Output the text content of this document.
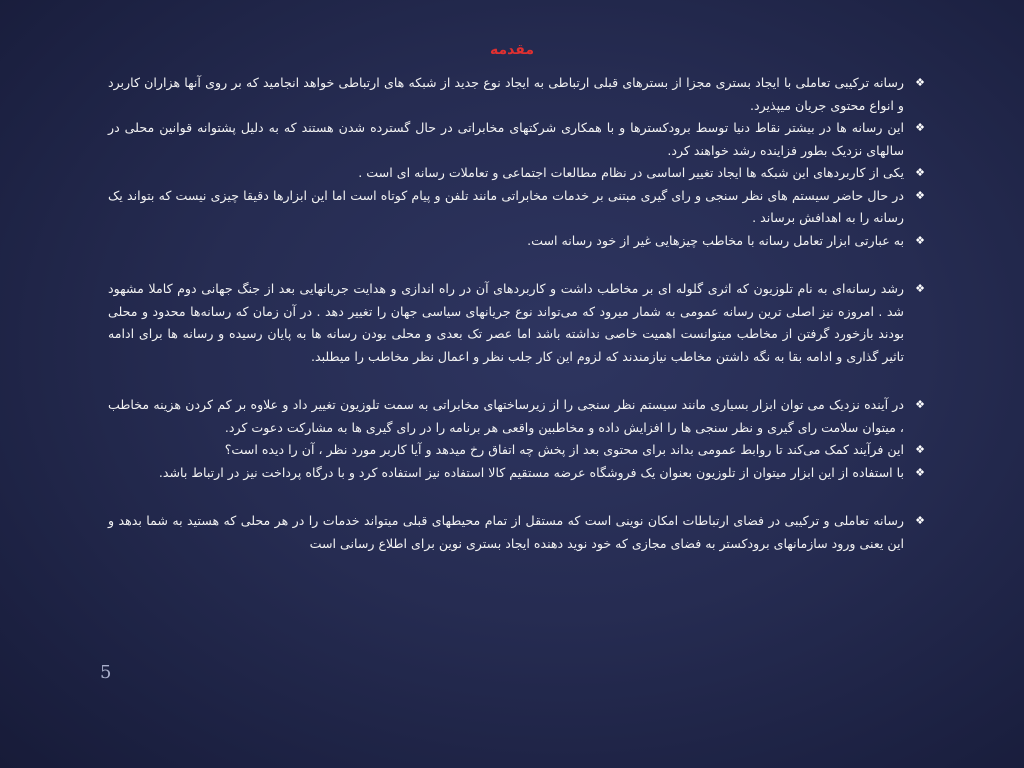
مقدمه

❖
رسانه ترکیبی تعاملی با ایجاد بستری مجزا از بسترهای قبلی ارتباطی به ایجاد نوع جدید از شبکه های ارتباطی خواهد انجامید که بر روی آنها هزاران کاربرد و انواع محتوی جریان میپذیرد.

❖
این رسانه ها در بیشتر نقاط دنیا توسط برودکسترها و با همکاری شرکتهای مخابراتی در حال گسترده شدن هستند که به دلیل پشتوانه قوانین محلی در سالهای نزدیک بطور فزاینده رشد خواهند کرد.

❖
یکی از کاربردهای این شبکه ها ایجاد تغییر اساسی در نظام مطالعات اجتماعی و تعاملات رسانه ای است .

❖
در حال حاضر سیستم های نظر سنجی و رای گیری مبتنی بر خدمات مخابراتی مانند تلفن و پیام کوتاه است اما این ابزارها دقیقا چیزی نیست که بتواند یک رسانه را به اهدافش برساند .

❖
به عبارتی ابزار تعامل رسانه با مخاطب چیزهایی غیر از خود رسانه است.

❖
رشد رسانه‌ای به نام تلوزیون که اثری گلوله ای بر مخاطب داشت و کاربردهای آن در راه اندازی و هدایت جریانهایی بعد از جنگ جهانی دوم کاملا مشهود شد . امروزه نیز اصلی ترین رسانه عمومی به شمار میرود که می‌تواند نوع جریانهای سیاسی جهان را تغییر دهد . در آن زمان که رسانه‌ها محدود و محلی بودند بازخورد گرفتن از مخاطب میتوانست اهمیت خاصی نداشته باشد اما عصر تک بعدی و محلی بودن رسانه ها به پایان رسیده و رسانه ها برای ادامه تاثیر گذاری و ادامه بقا به نگه داشتن مخاطب نیازمندند که لزوم این کار جلب نظر و اعمال نظر مخاطب را میطلبد.

❖
در آینده نزدیک می توان ابزار بسیاری مانند سیستم نظر سنجی را از زیرساختهای مخابراتی به سمت تلوزیون تغییر داد و علاوه بر کم کردن هزینه مخاطب ، میتوان سلامت رای گیری و نظر سنجی ها را افزایش داده و مخاطبین واقعی هر برنامه را در رای گیری ها به مشارکت دعوت کرد.

❖
این فرآیند کمک می‌کند تا روابط عمومی بداند برای محتوی بعد از پخش چه اتفاق رخ میدهد و آیا کاربر مورد نظر ، آن را دیده است؟

❖
با استفاده از این ابزار میتوان از تلوزیون بعنوان یک فروشگاه عرضه مستقیم کالا استفاده نیز استفاده کرد و با درگاه پرداخت نیز در ارتباط باشد.

❖
رسانه تعاملی و ترکیبی در فضای ارتباطات امکان نوینی است که مستقل از تمام محیطهای قبلی میتواند خدمات را در هر محلی که هستید به شما بدهد و این یعنی ورود سازمانهای برودکستر به فضای مجازی که خود نوید دهنده ایجاد بستری نوین برای اطلاع رسانی است

5
